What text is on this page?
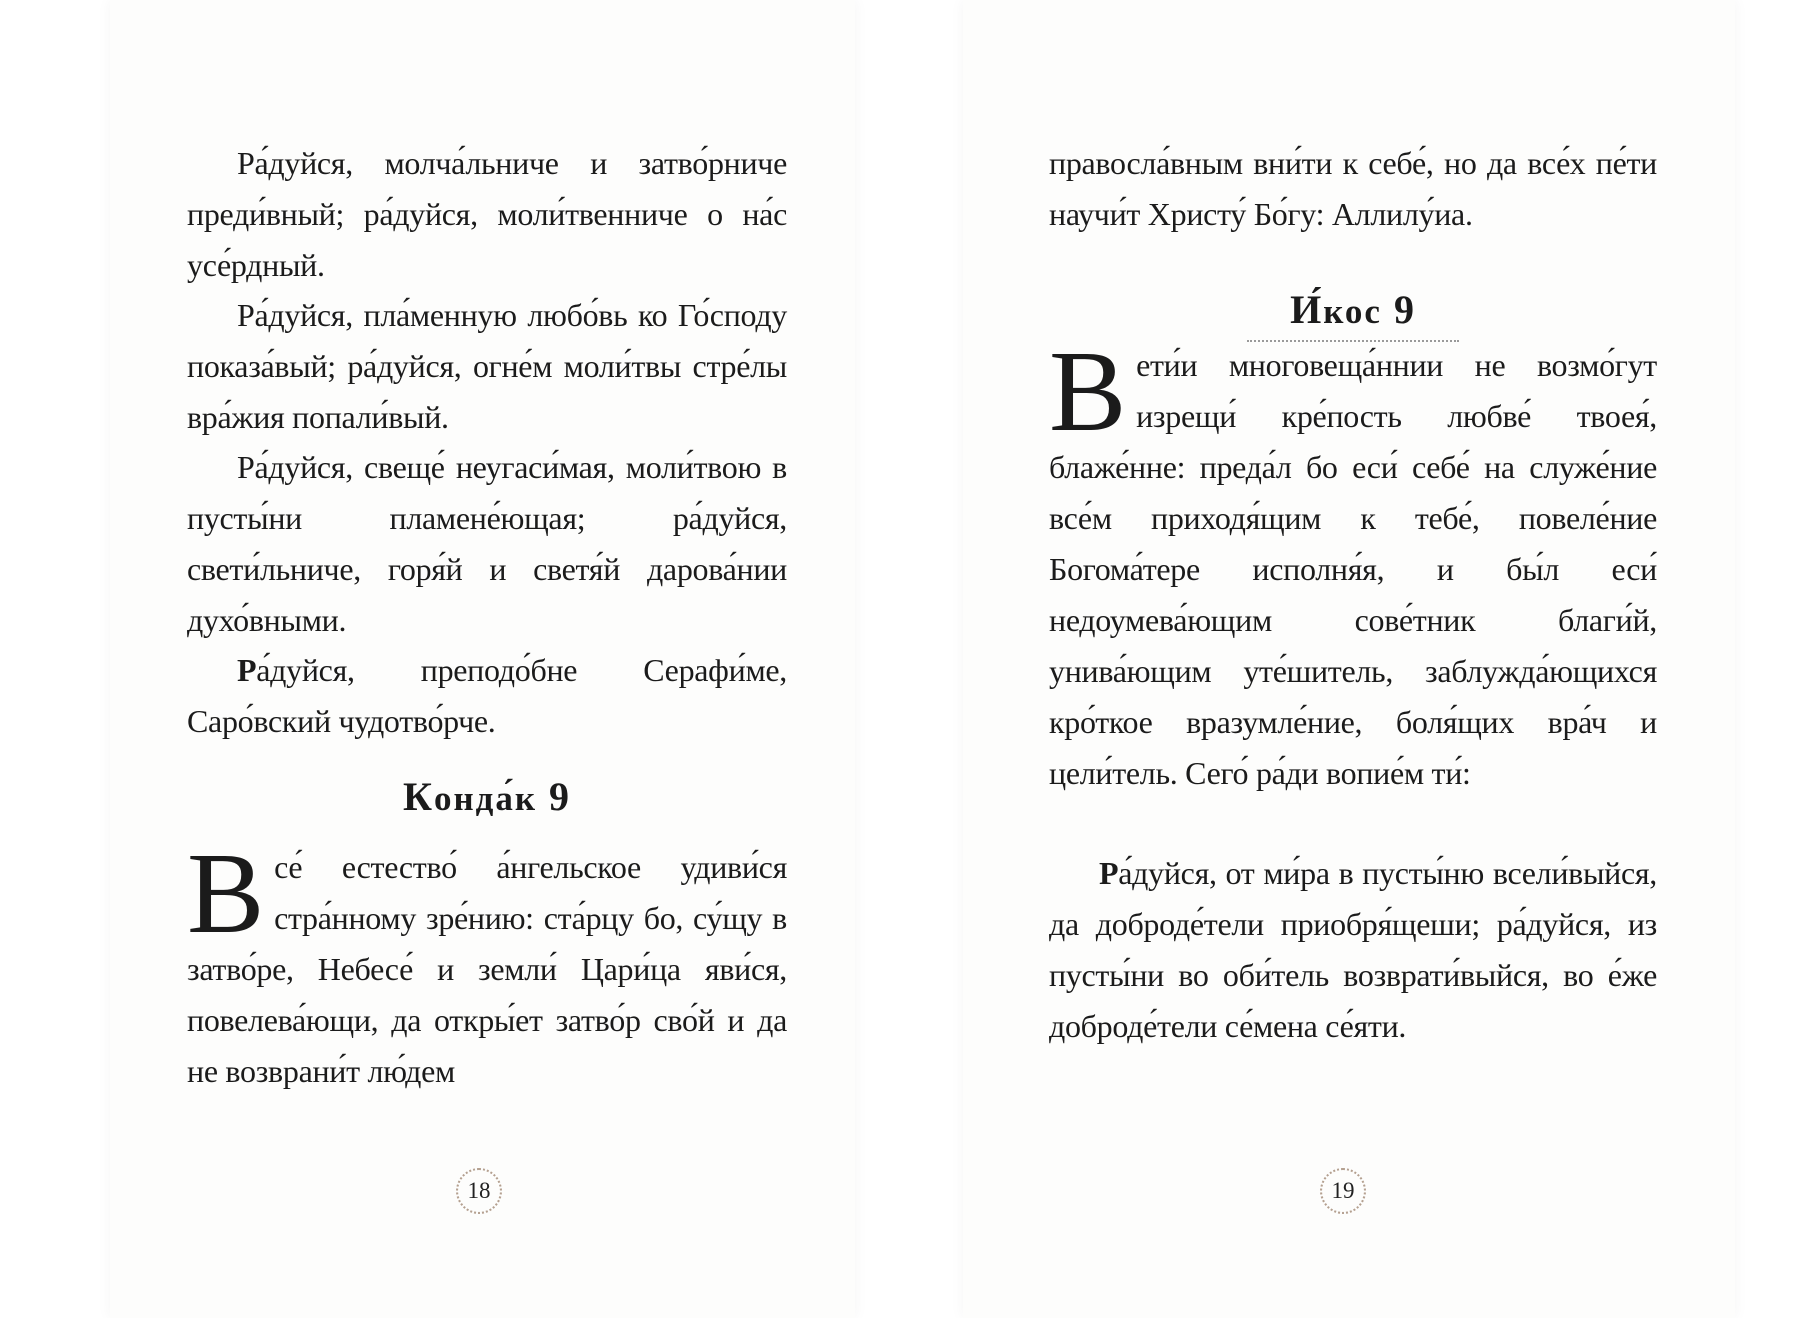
Ра́дуйся, молча́льниче и затво́рниче преди́вный; ра́дуйся, моли́твенниче о на́с усе́рдный.

Ра́дуйся, пла́менную любо́вь ко Го́споду показа́вый; ра́дуйся, огне́м моли́твы стре́лы вра́жия попали́вый.

Ра́дуйся, свеще́ неугаси́мая, моли́твою в пусты́ни пламене́ющая; ра́дуйся, свети́льниче, горя́й и светя́й дарова́нии духо́вными.

Ра́дуйся, преподо́бне Серафи́ме, Саро́вский чудотво́рче.

Конда́к 9

Все́ естество́ а́нгельское удиви́ся стра́нному зре́нию: ста́рцу бо, су́щу в затво́ре, Небесе́ и земли́ Цари́ца яви́ся, повелева́ющи, да откры́ет затво́р сво́й и да не возврани́т лю́дем

18

правосла́вным вни́ти к себе́, но да все́х пе́ти научи́т Христу́ Бо́гу: Аллилу́иа.

И́кос 9

Вети́и многовеща́ннии не возмо́гут изрещи́ кре́пость любве́ твоея́, блаже́нне: преда́л бо еси́ себе́ на служе́ние все́м приходя́щим к тебе́, повеле́ние Богома́тере исполня́я, и бы́л еси́ недоумева́ющим сове́тник благи́й, унива́ющим уте́шитель, заблужда́ющихся кро́ткое вразумле́ние, боля́щих вра́ч и цели́тель. Сего́ ра́ди вопие́м ти́:

Ра́дуйся, от ми́ра в пусты́ню всели́выйся, да доброде́тели приобря́щеши; ра́дуйся, из пусты́ни во оби́тель возврати́выйся, во е́же доброде́тели се́мена се́яти.

19
